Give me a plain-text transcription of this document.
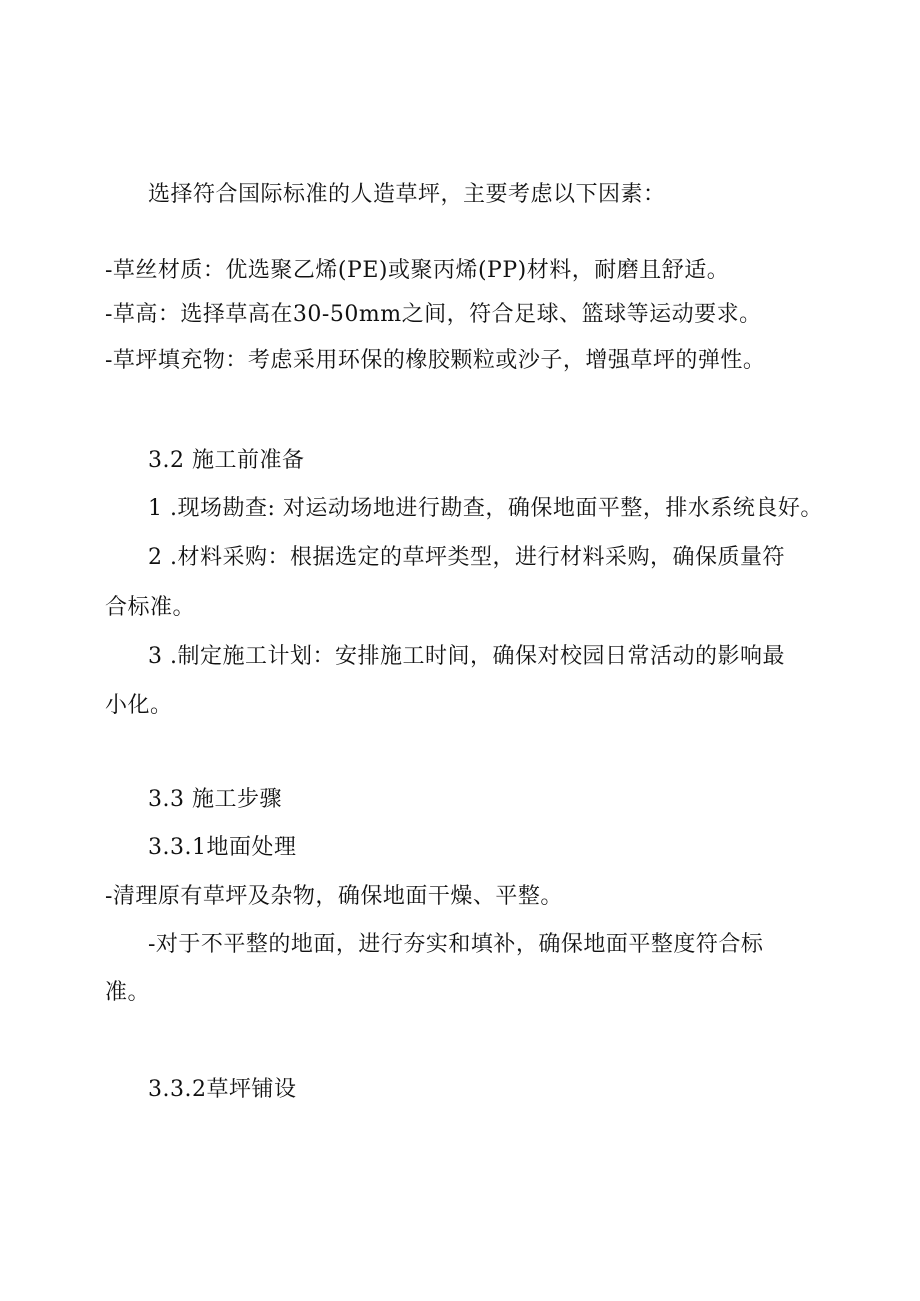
选择符合国际标准的人造草坪，主要考虑以下因素：
-草丝材质：优选聚乙烯(PE)或聚丙烯(PP)材料，耐磨且舒适。
-草高：选择草高在30-50mm之间，符合足球、篮球等运动要求。
-草坪填充物：考虑采用环保的橡胶颗粒或沙子，增强草坪的弹性。
3.2 施工前准备
1 .现场勘查: 对运动场地进行勘查，确保地面平整，排水系统良好。
2 .材料采购：根据选定的草坪类型，进行材料采购，确保质量符
合标准。
3 .制定施工计划：安排施工时间，确保对校园日常活动的影响最
小化。
3.3 施工步骤
3.3.1地面处理
-清理原有草坪及杂物，确保地面干燥、平整。
-对于不平整的地面，进行夯实和填补，确保地面平整度符合标
准。
3.3.2草坪铺设
